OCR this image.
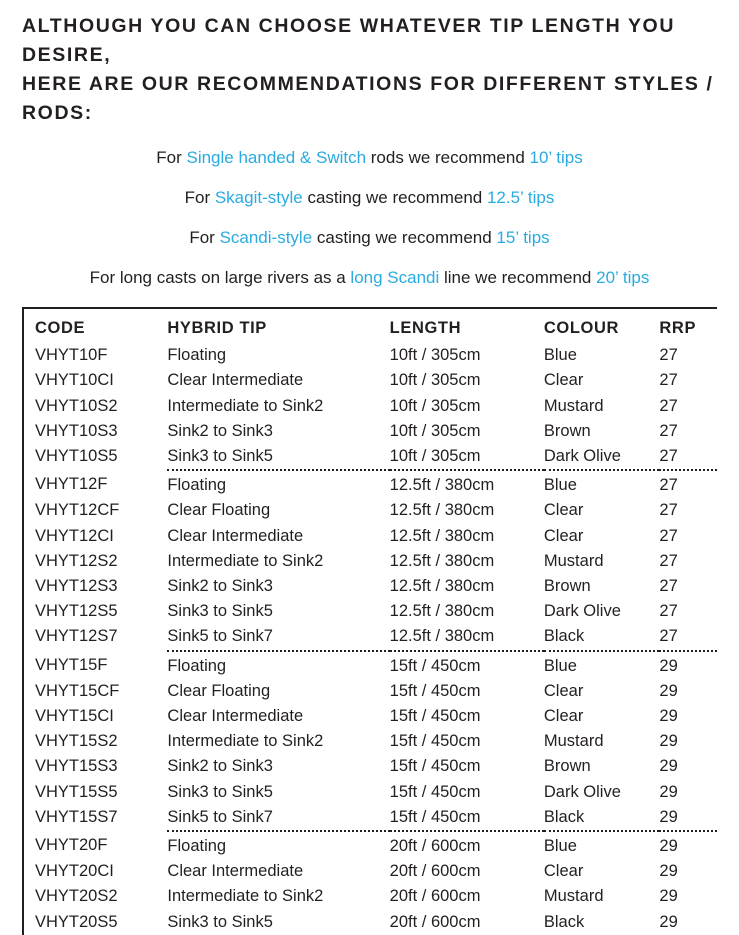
ALTHOUGH YOU CAN CHOOSE WHATEVER TIP LENGTH YOU DESIRE,
HERE ARE OUR RECOMMENDATIONS FOR DIFFERENT STYLES / RODS:

For Single handed & Switch rods we recommend 10’ tips

For Skagit-style casting we recommend 12.5’ tips

For Scandi-style casting we recommend 15’ tips

For long casts on large rivers as a long Scandi line we recommend 20’ tips

CODE	HYBRID TIP	LENGTH	COLOUR	RRP
VHYT10F	Floating	10ft / 305cm	Blue	27
VHYT10CI	Clear Intermediate	10ft / 305cm	Clear	27
VHYT10S2	Intermediate to Sink2	10ft / 305cm	Mustard	27
VHYT10S3	Sink2 to Sink3	10ft / 305cm	Brown	27
VHYT10S5	Sink3 to Sink5	10ft / 305cm	Dark Olive	27
VHYT12F	Floating	12.5ft / 380cm	Blue	27
VHYT12CF	Clear Floating	12.5ft / 380cm	Clear	27
VHYT12CI	Clear Intermediate	12.5ft / 380cm	Clear	27
VHYT12S2	Intermediate to Sink2	12.5ft / 380cm	Mustard	27
VHYT12S3	Sink2 to Sink3	12.5ft / 380cm	Brown	27
VHYT12S5	Sink3 to Sink5	12.5ft / 380cm	Dark Olive	27
VHYT12S7	Sink5 to Sink7	12.5ft / 380cm	Black	27
VHYT15F	Floating	15ft / 450cm	Blue	29
VHYT15CF	Clear Floating	15ft / 450cm	Clear	29
VHYT15CI	Clear Intermediate	15ft / 450cm	Clear	29
VHYT15S2	Intermediate to Sink2	15ft / 450cm	Mustard	29
VHYT15S3	Sink2 to Sink3	15ft / 450cm	Brown	29
VHYT15S5	Sink3 to Sink5	15ft / 450cm	Dark Olive	29
VHYT15S7	Sink5 to Sink7	15ft / 450cm	Black	29
VHYT20F	Floating	20ft / 600cm	Blue	29
VHYT20CI	Clear Intermediate	20ft / 600cm	Clear	29
VHYT20S2	Intermediate to Sink2	20ft / 600cm	Mustard	29
VHYT20S5	Sink3 to Sink5	20ft / 600cm	Black	29
